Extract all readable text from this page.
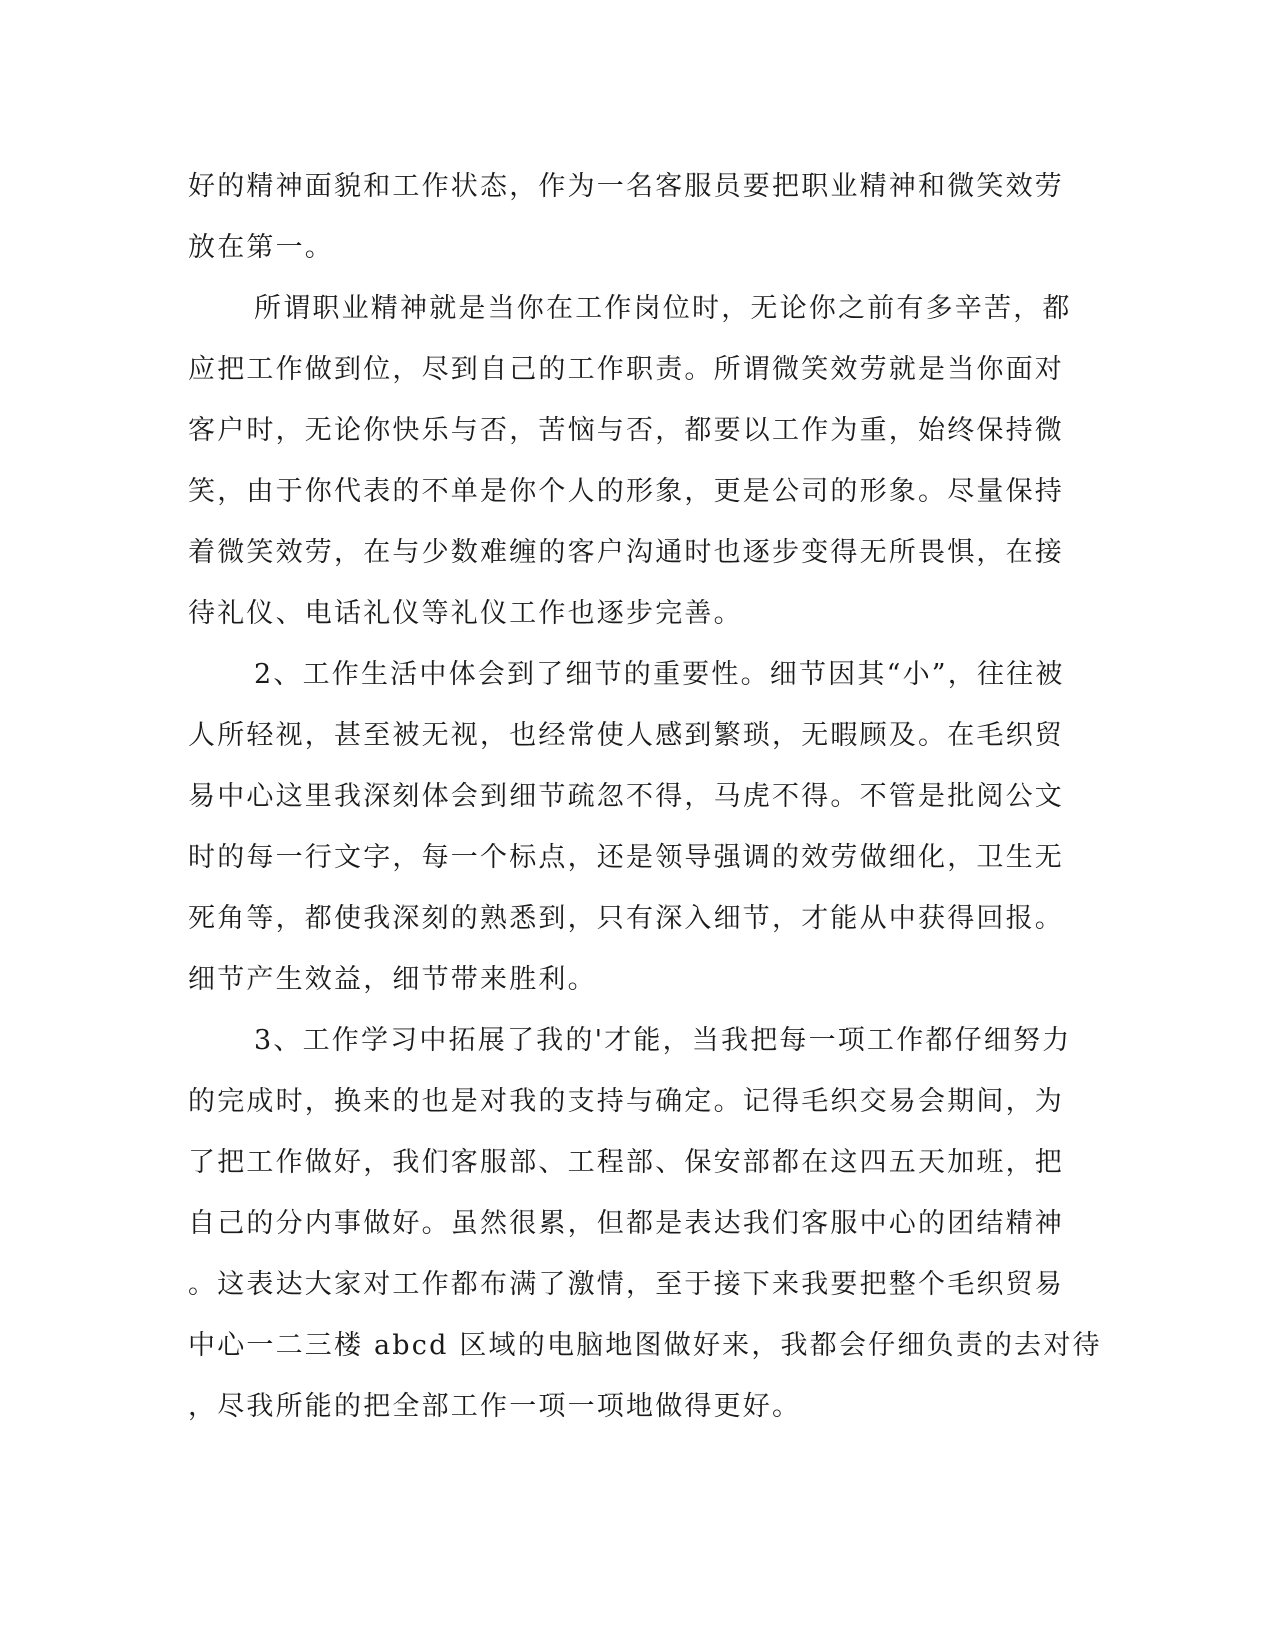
好的精神面貌和工作状态，作为一名客服员要把职业精神和微笑效劳
放在第一。
所谓职业精神就是当你在工作岗位时，无论你之前有多辛苦，都
应把工作做到位，尽到自己的工作职责。所谓微笑效劳就是当你面对
客户时，无论你快乐与否，苦恼与否，都要以工作为重，始终保持微
笑，由于你代表的不单是你个人的形象，更是公司的形象。尽量保持
着微笑效劳，在与少数难缠的客户沟通时也逐步变得无所畏惧，在接
待礼仪、电话礼仪等礼仪工作也逐步完善。
2、工作生活中体会到了细节的重要性。细节因其“小”，往往被
人所轻视，甚至被无视，也经常使人感到繁琐，无暇顾及。在毛织贸
易中心这里我深刻体会到细节疏忽不得，马虎不得。不管是批阅公文
时的每一行文字，每一个标点，还是领导强调的效劳做细化，卫生无
死角等，都使我深刻的熟悉到，只有深入细节，才能从中获得回报。
细节产生效益，细节带来胜利。
3、工作学习中拓展了我的'才能，当我把每一项工作都仔细努力
的完成时，换来的也是对我的支持与确定。记得毛织交易会期间，为
了把工作做好，我们客服部、工程部、保安部都在这四五天加班，把
自己的分内事做好。虽然很累，但都是表达我们客服中心的团结精神
。这表达大家对工作都布满了激情，至于接下来我要把整个毛织贸易
中心一二三楼 abcd 区域的电脑地图做好来，我都会仔细负责的去对待
，尽我所能的把全部工作一项一项地做得更好。
